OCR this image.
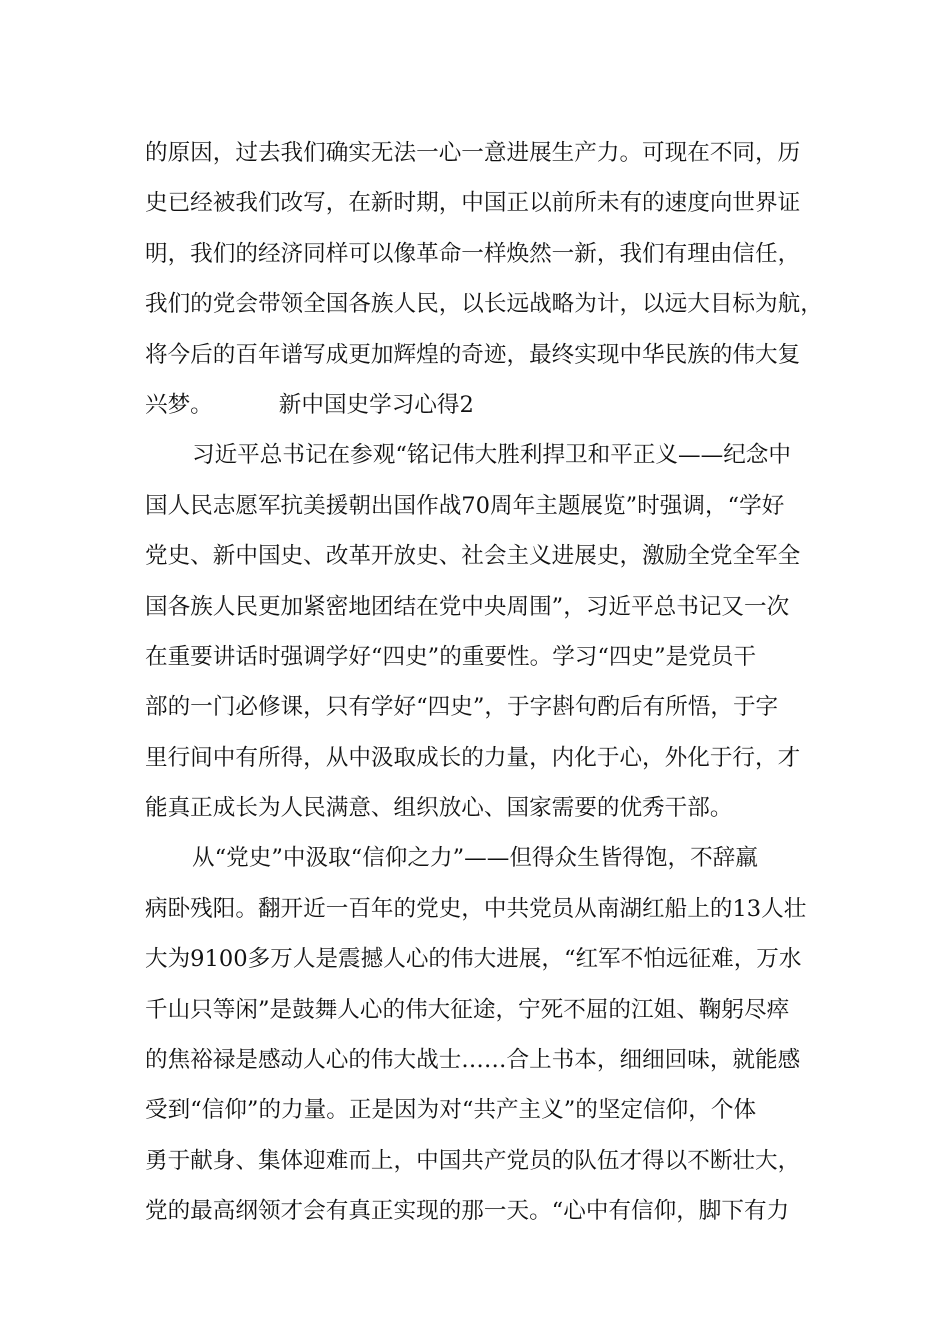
的原因，过去我们确实无法一心一意进展生产力。可现在不同，历
史已经被我们改写，在新时期，中国正以前所未有的速度向世界证
明，我们的经济同样可以像革命一样焕然一新，我们有理由信任，
我们的党会带领全国各族人民，以长远战略为计，以远大目标为航，
将今后的百年谱写成更加辉煌的奇迹，最终实现中华民族的伟大复
兴梦。	新中国史学习心得2
习近平总书记在参观“铭记伟大胜利捍卫和平正义——纪念中
国人民志愿军抗美援朝出国作战70周年主题展览”时强调，“学好
党史、新中国史、改革开放史、社会主义进展史，激励全党全军全
国各族人民更加紧密地团结在党中央周围”，习近平总书记又一次
在重要讲话时强调学好“四史”的重要性。学习“四史”是党员干
部的一门必修课，只有学好“四史”，于字斟句酌后有所悟，于字
里行间中有所得，从中汲取成长的力量，内化于心，外化于行，才
能真正成长为人民满意、组织放心、国家需要的优秀干部。
从“党史”中汲取“信仰之力”——但得众生皆得饱，不辞羸
病卧残阳。翻开近一百年的党史，中共党员从南湖红船上的13人壮
大为9100多万人是震撼人心的伟大进展，“红军不怕远征难，万水
千山只等闲”是鼓舞人心的伟大征途，宁死不屈的江姐、鞠躬尽瘁
的焦裕禄是感动人心的伟大战士……合上书本，细细回味，就能感
受到“信仰”的力量。正是因为对“共产主义”的坚定信仰，个体
勇于献身、集体迎难而上，中国共产党员的队伍才得以不断壮大，
党的最高纲领才会有真正实现的那一天。“心中有信仰，脚下有力
